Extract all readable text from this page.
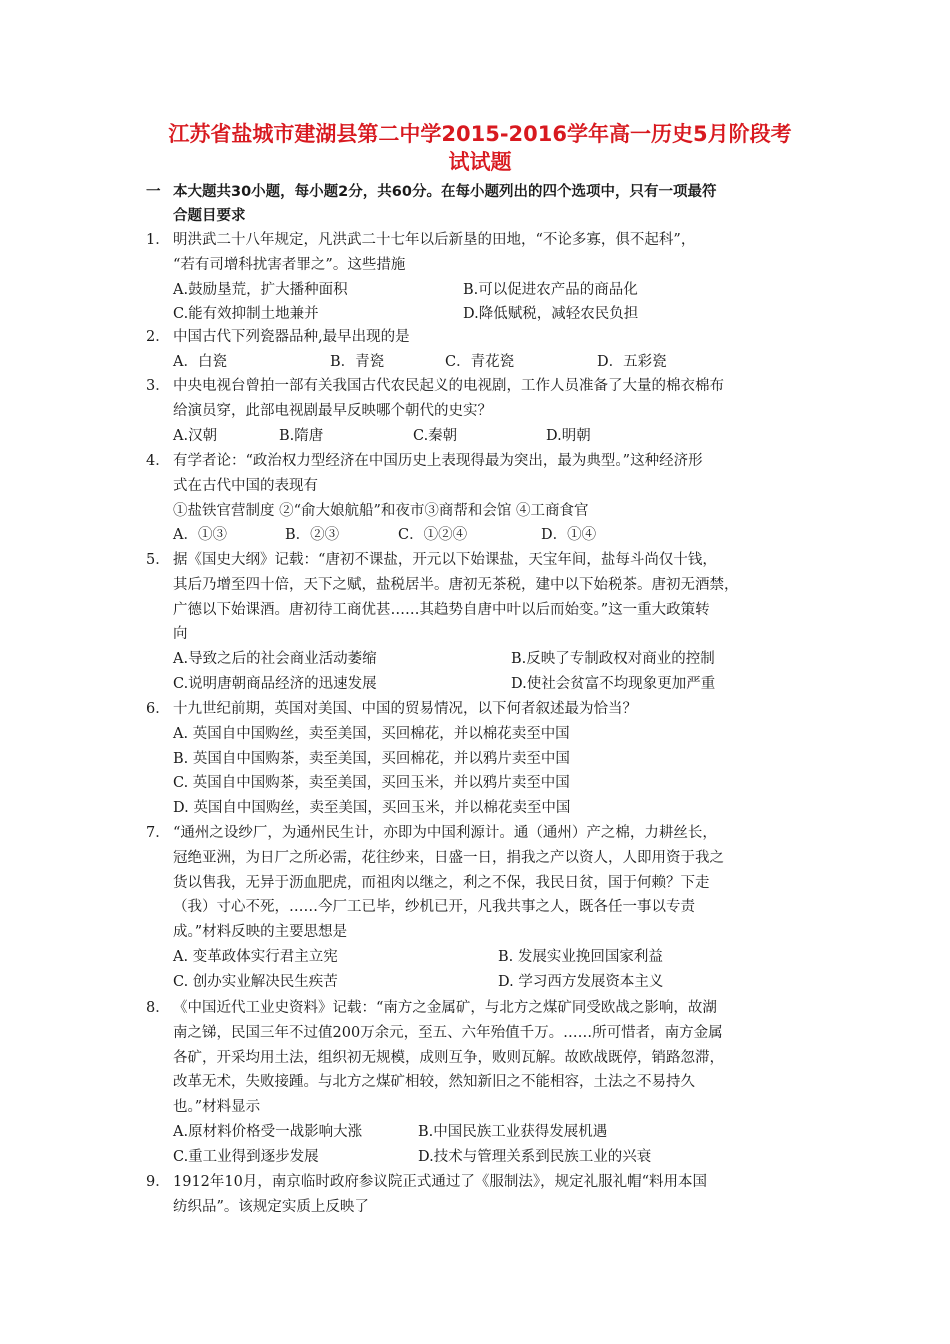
江苏省盐城市建湖县第二中学2015-2016学年高一历史5月阶段考
试试题
一 本大题共30小题，每小题2分，共60分。在每小题列出的四个选项中，只有一项最符
合题目要求
1． 明洪武二十八年规定，凡洪武二十七年以后新垦的田地，“不论多寡，俱不起科”，
“若有司增科扰害者罪之”。这些措施
A.鼓励垦荒，扩大播种面积	B.可以促进农产品的商品化
C.能有效抑制土地兼并	D.降低赋税，减轻农民负担
2． 中国古代下列瓷器品种,最早出现的是
A．白瓷	B．青瓷	C．青花瓷	D．五彩瓷
3． 中央电视台曾拍一部有关我国古代农民起义的电视剧，工作人员准备了大量的棉衣棉布
给演员穿，此部电视剧最早反映哪个朝代的史实？
A.汉朝	B.隋唐	C.秦朝	D.明朝
4． 有学者论：“政治权力型经济在中国历史上表现得最为突出，最为典型。”这种经济形
式在古代中国的表现有
①盐铁官营制度 ②“俞大娘航船”和夜市③商帮和会馆 ④工商食官
A．①③	B．②③	C．①②④	D．①④
5． 据《国史大纲》记载：“唐初不课盐，开元以下始课盐，天宝年间，盐每斗尚仅十钱，
其后乃增至四十倍，天下之赋，盐税居半。唐初无茶税，建中以下始税茶。唐初无酒禁，
广德以下始课酒。唐初待工商优甚……其趋势自唐中叶以后而始变。”这一重大政策转
向
A.导致之后的社会商业活动萎缩	B.反映了专制政权对商业的控制
C.说明唐朝商品经济的迅速发展	D.使社会贫富不均现象更加严重
6． 十九世纪前期，英国对美国、中国的贸易情况，以下何者叙述最为恰当？
A. 英国自中国购丝，卖至美国，买回棉花，并以棉花卖至中国
B. 英国自中国购茶，卖至美国，买回棉花，并以鸦片卖至中国
C. 英国自中国购茶，卖至美国，买回玉米，并以鸦片卖至中国
D. 英国自中国购丝，卖至美国，买回玉米，并以棉花卖至中国
7． “通州之设纱厂，为通州民生计，亦即为中国利源计。通（通州）产之棉，力耕丝长，
冠绝亚洲，为日厂之所必需，花往纱来，日盛一日，捐我之产以资人，人即用资于我之
货以售我，无异于沥血肥虎，而祖肉以继之，利之不保，我民日贫，国于何赖？下走
（我）寸心不死，……今厂工已毕，纱机已开，凡我共事之人，既各任一事以专责
成。”材料反映的主要思想是
A. 变革政体实行君主立宪	B. 发展实业挽回国家利益
C. 创办实业解决民生疾苦	D. 学习西方发展资本主义
8． 《中国近代工业史资料》记载：“南方之金属矿，与北方之煤矿同受欧战之影响，故湖
南之锑，民国三年不过值200万余元，至五、六年殆值千万。……所可惜者，南方金属
各矿，开采均用土法，组织初无规模，成则互争，败则瓦解。故欧战既停，销路忽滞，
改革无术，失败接踵。与北方之煤矿相较，然知新旧之不能相容，土法之不易持久
也。”材料显示
A.原材料价格受一战影响大涨	B.中国民族工业获得发展机遇
C.重工业得到逐步发展	D.技术与管理关系到民族工业的兴衰
9． 1912年10月，南京临时政府参议院正式通过了《服制法》，规定礼服礼帽“料用本国
纺织品”。该规定实质上反映了
